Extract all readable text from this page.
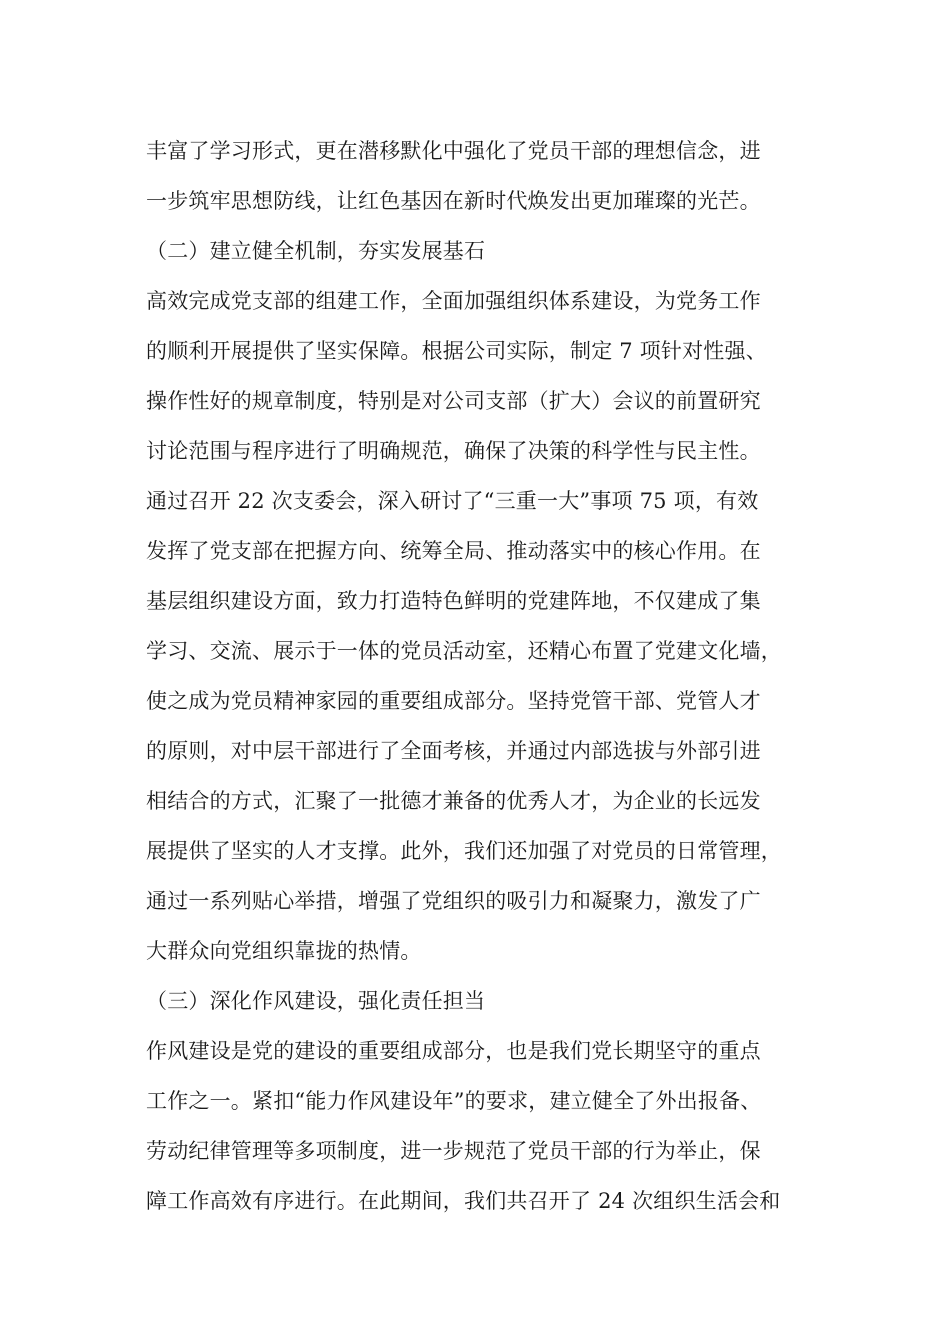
丰富了学习形式，更在潜移默化中强化了党员干部的理想信念，进
一步筑牢思想防线，让红色基因在新时代焕发出更加璀璨的光芒。
（二）建立健全机制，夯实发展基石
高效完成党支部的组建工作，全面加强组织体系建设，为党务工作
的顺利开展提供了坚实保障。根据公司实际，制定 7 项针对性强、
操作性好的规章制度，特别是对公司支部（扩大）会议的前置研究
讨论范围与程序进行了明确规范，确保了决策的科学性与民主性。
通过召开 22 次支委会，深入研讨了“三重一大”事项 75 项，有效
发挥了党支部在把握方向、统筹全局、推动落实中的核心作用。在
基层组织建设方面，致力打造特色鲜明的党建阵地，不仅建成了集
学习、交流、展示于一体的党员活动室，还精心布置了党建文化墙，
使之成为党员精神家园的重要组成部分。坚持党管干部、党管人才
的原则，对中层干部进行了全面考核，并通过内部选拔与外部引进
相结合的方式，汇聚了一批德才兼备的优秀人才，为企业的长远发
展提供了坚实的人才支撑。此外，我们还加强了对党员的日常管理，
通过一系列贴心举措，增强了党组织的吸引力和凝聚力，激发了广
大群众向党组织靠拢的热情。
（三）深化作风建设，强化责任担当
作风建设是党的建设的重要组成部分，也是我们党长期坚守的重点
工作之一。紧扣“能力作风建设年”的要求，建立健全了外出报备、
劳动纪律管理等多项制度，进一步规范了党员干部的行为举止，保
障工作高效有序进行。在此期间，我们共召开了 24 次组织生活会和
